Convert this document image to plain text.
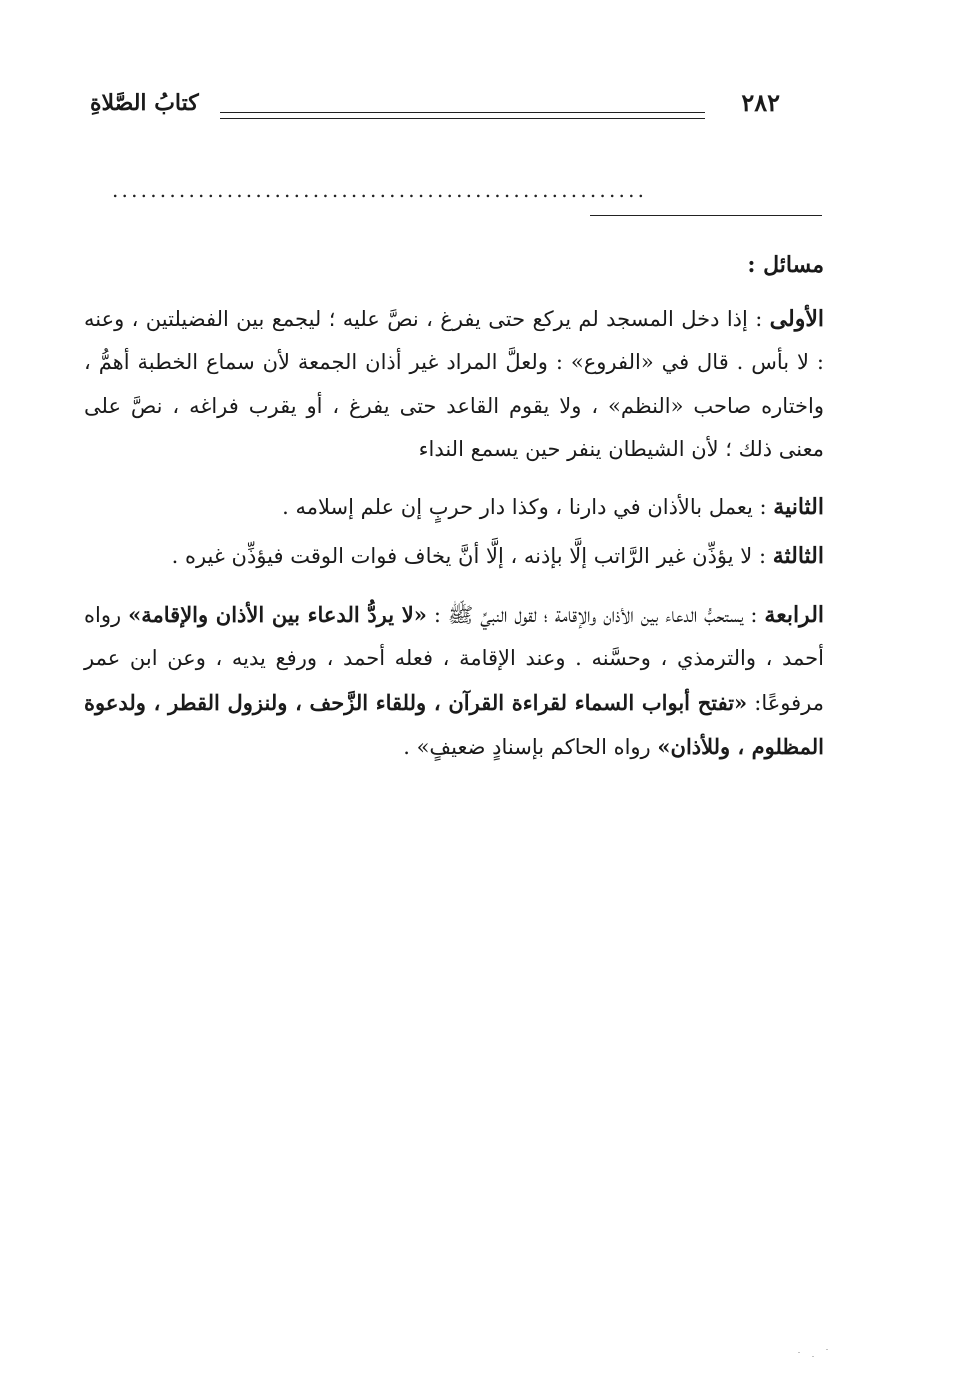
٢٨٢
كتابُ الصَّلاةِ
........................................................

مسائل :

الأولى : إذا دخل المسجد لم يركع حتى يفرغ ، نصَّ عليه ؛ ليجمع بين الفضيلتين ، وعنه : لا بأس . قال في «الفروع» : ولعلَّ المراد غير أذان الجمعة لأن سماع الخطبة أهمُّ ، واختاره صاحب «النظم» ، ولا يقوم القاعد حتى يفرغ ، أو يقرب فراغه ، نصَّ على معنى ذلك ؛ لأن الشيطان ينفر حين يسمع النداء

الثانية : يعمل بالأذان في دارنا ، وكذا دار حربٍ إن علم إسلامه .

الثالثة : لا يؤذِّن غير الرَّاتب إلَّا بإذنه ، إلَّا أنَّ يخاف فوات الوقت فيؤذِّن غيره .

الرابعة : يستحبُّ الدعاء بين الأذان والإقامة ؛ لقول النبيِّ ﷺ : «لا يردُّ الدعاء بين الأذان والإقامة» رواه أحمد ، والترمذي ، وحسَّنه . وعند الإقامة ، فعله أحمد ، ورفع يديه ، وعن ابن عمر مرفوعًا: «تفتح أبواب السماء لقراءة القرآن ، وللقاء الزَّحف ، ولنزول القطر ، ولدعوة المظلوم ، وللأذان» رواه الحاكم بإسنادٍ ضعيفٍ» .
